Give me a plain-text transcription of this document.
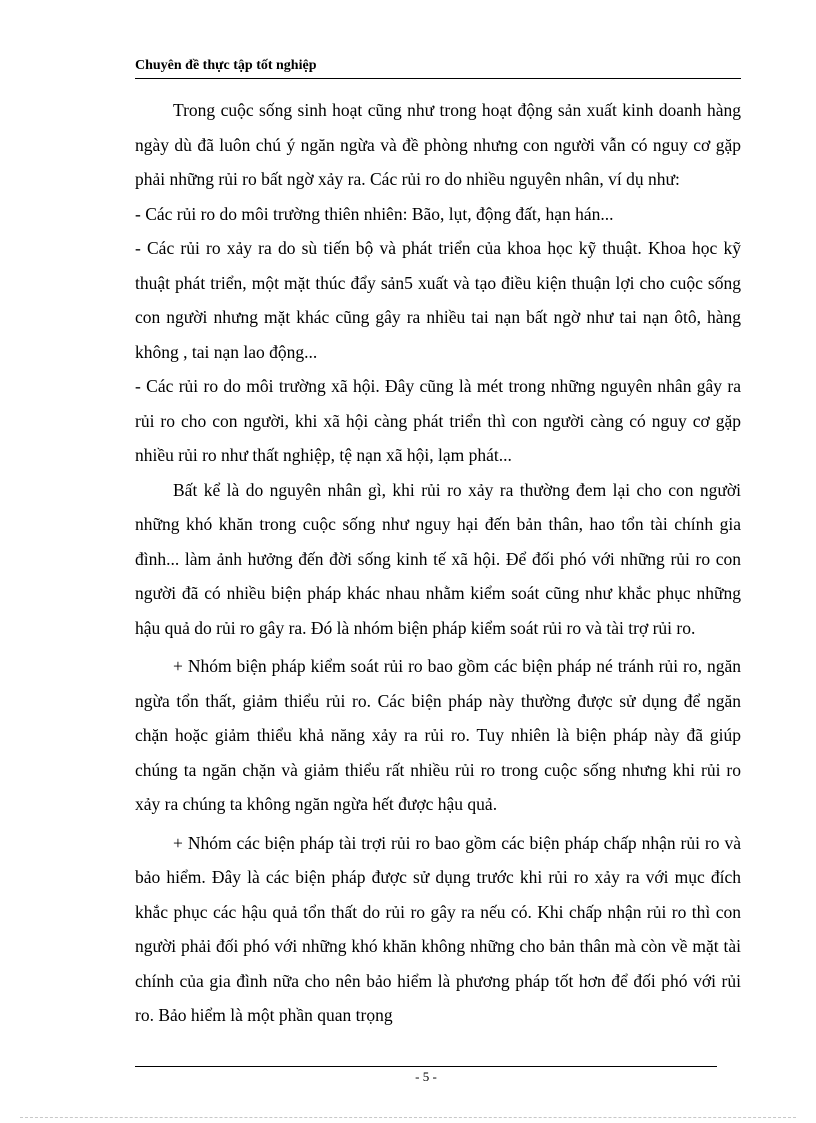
Chuyên đề thực tập tốt nghiệp

Trong cuộc sống sinh hoạt cũng như trong hoạt động sản xuất kinh doanh hàng ngày dù đã luôn chú ý ngăn ngừa và đề phòng nhưng con người vẫn có nguy cơ gặp phải những rủi ro bất ngờ xảy ra. Các rủi ro do nhiều nguyên nhân, ví dụ như:

- Các rủi ro do môi trường thiên nhiên: Bão, lụt, động đất, hạn hán...

- Các rủi ro xảy ra do sù tiến bộ và phát triển của khoa học kỹ thuật. Khoa học kỹ thuật phát triển, một mặt thúc đẩy sản5 xuất và tạo điều kiện thuận lợi cho cuộc sống con người nhưng mặt khác cũng gây ra nhiều tai nạn bất ngờ như tai nạn ôtô, hàng không , tai nạn lao động...

- Các rủi ro do môi trường xã hội. Đây cũng là mét trong những nguyên nhân gây ra rủi ro cho con người, khi xã hội càng phát triển thì con người càng có nguy cơ gặp nhiều rủi ro như thất nghiệp, tệ nạn xã hội, lạm phát...

Bất kể là do nguyên nhân gì, khi rủi ro xảy ra thường đem lại cho con người những khó khăn trong cuộc sống như nguy hại đến bản thân, hao tổn tài chính gia đình... làm ảnh hưởng đến đời sống kinh tế xã hội. Để đối phó với những rủi ro con người đã có nhiều biện pháp khác nhau nhằm kiểm soát cũng như khắc phục những hậu quả do rủi ro gây ra. Đó là nhóm biện pháp kiểm soát rủi ro và tài trợ rủi ro.

+ Nhóm biện pháp kiểm soát rủi ro bao gồm các biện pháp né tránh rủi ro, ngăn ngừa tổn thất, giảm thiểu rủi ro. Các biện pháp này thường được sử dụng để ngăn chặn hoặc giảm thiểu khả năng xảy ra rủi ro. Tuy nhiên là biện pháp này đã giúp chúng ta ngăn chặn và giảm thiểu rất nhiều rủi ro trong cuộc sống nhưng khi rủi ro xảy ra chúng ta không ngăn ngừa hết được hậu quả.

+ Nhóm các biện pháp tài trợi rủi ro bao gồm các biện pháp chấp nhận rủi ro và bảo hiểm. Đây là các biện pháp được sử dụng trước khi rủi ro xảy ra với mục đích khắc phục các hậu quả tổn thất do rủi ro gây ra nếu có. Khi chấp nhận rủi ro thì con người phải đối phó với những khó khăn không những cho bản thân mà còn về mặt tài chính của gia đình nữa cho nên bảo hiểm là phương pháp tốt hơn để đối phó với rủi ro. Bảo hiểm là một phần quan trọng

- 5 -
